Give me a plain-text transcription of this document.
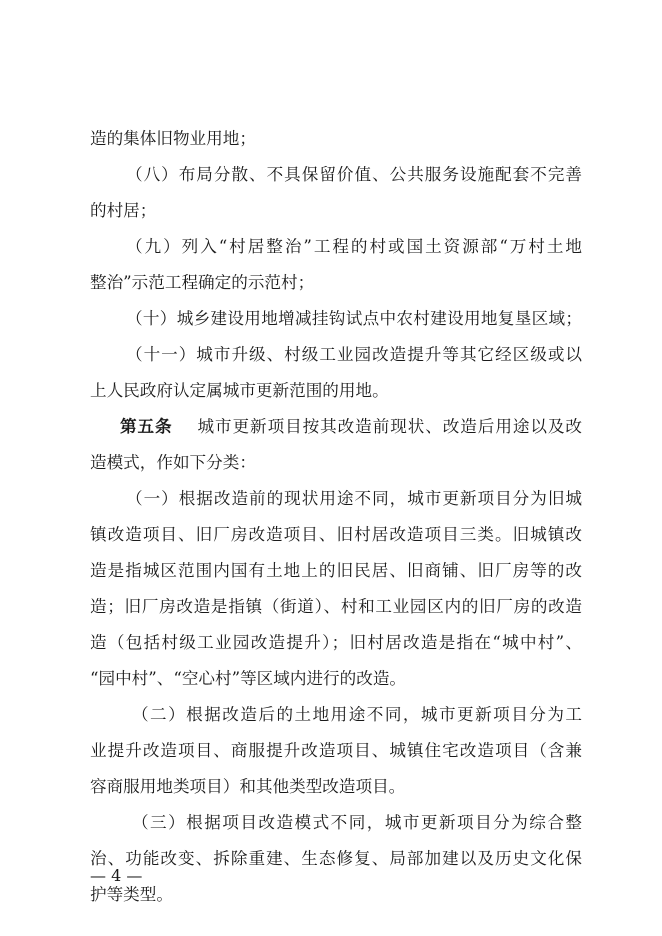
造的集体旧物业用地；
（八）布局分散、不具保留价值、公共服务设施配套不完善
的村居；
（九）列入“村居整治”工程的村或国土资源部“万村土地
整治”示范工程确定的示范村；
（十）城乡建设用地增减挂钩试点中农村建设用地复垦区域；
（十一）城市升级、村级工业园改造提升等其它经区级或以
上人民政府认定属城市更新范围的用地。
第五条 城市更新项目按其改造前现状、改造后用途以及改
造模式，作如下分类：
（一）根据改造前的现状用途不同，城市更新项目分为旧城
镇改造项目、旧厂房改造项目、旧村居改造项目三类。旧城镇改
造是指城区范围内国有土地上的旧民居、旧商铺、旧厂房等的改
造；旧厂房改造是指镇（街道）、村和工业园区内的旧厂房的改造
造（包括村级工业园改造提升）；旧村居改造是指在“城中村”、
“园中村”、“空心村”等区域内进行的改造。
（二）根据改造后的土地用途不同，城市更新项目分为工
业提升改造项目、商服提升改造项目、城镇住宅改造项目（含兼
容商服用地类项目）和其他类型改造项目。
（三）根据项目改造模式不同，城市更新项目分为综合整
治、功能改变、拆除重建、生态修复、局部加建以及历史文化保
护等类型。
— 4 —
